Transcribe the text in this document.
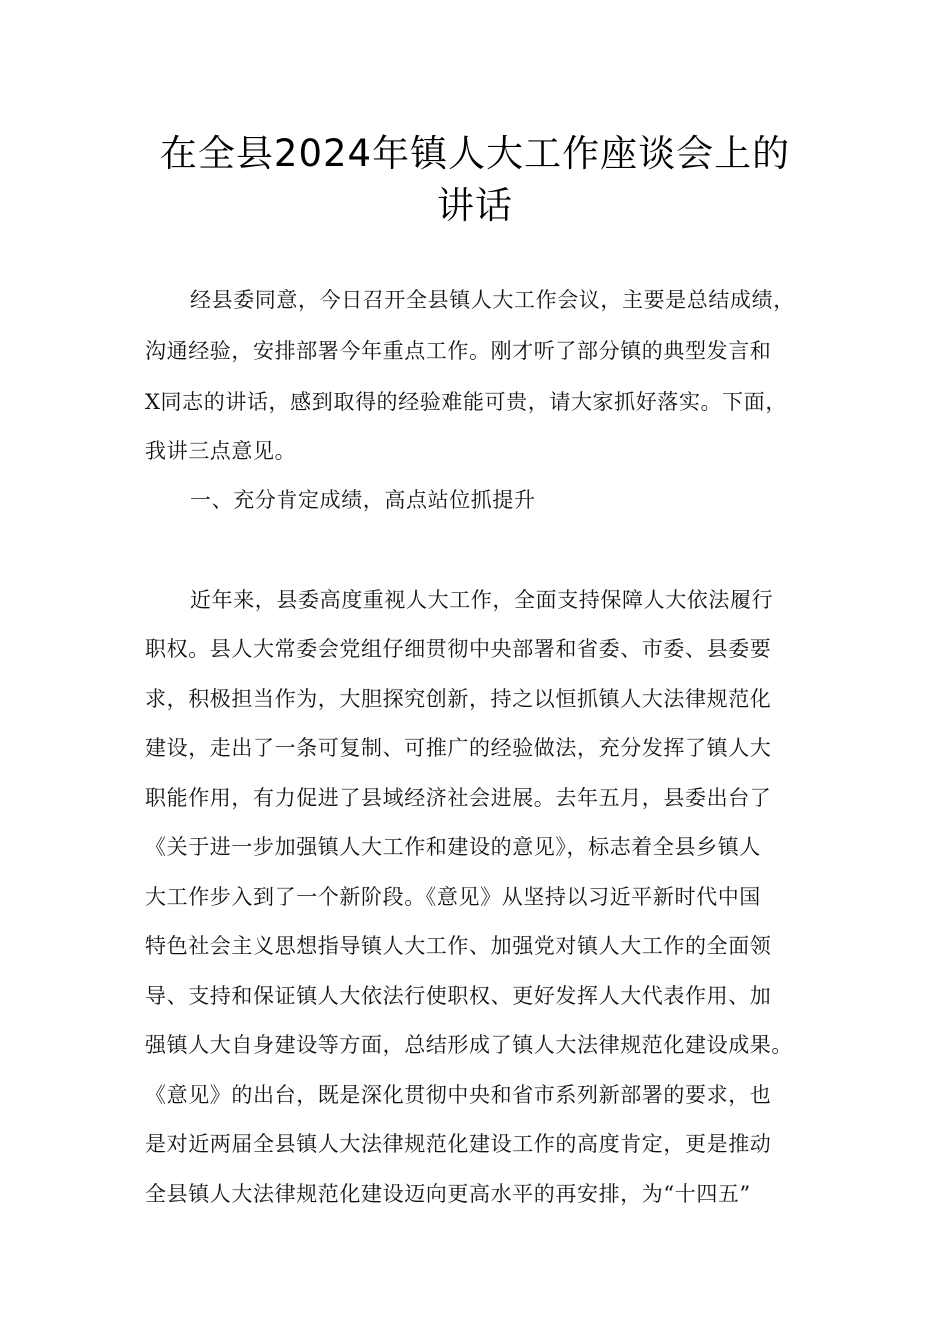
在全县2024年镇人大工作座谈会上的
讲话
经县委同意，今日召开全县镇人大工作会议，主要是总结成绩，
沟通经验，安排部署今年重点工作。刚才听了部分镇的典型发言和
X同志的讲话，感到取得的经验难能可贵，请大家抓好落实。下面，
我讲三点意见。
一、充分肯定成绩，高点站位抓提升
近年来，县委高度重视人大工作，全面支持保障人大依法履行
职权。县人大常委会党组仔细贯彻中央部署和省委、市委、县委要
求，积极担当作为，大胆探究创新，持之以恒抓镇人大法律规范化
建设，走出了一条可复制、可推广的经验做法，充分发挥了镇人大
职能作用，有力促进了县域经济社会进展。去年五月，县委出台了
《关于进一步加强镇人大工作和建设的意见》，标志着全县乡镇人
大工作步入到了一个新阶段。《意见》从坚持以习近平新时代中国
特色社会主义思想指导镇人大工作、加强党对镇人大工作的全面领
导、支持和保证镇人大依法行使职权、更好发挥人大代表作用、加
强镇人大自身建设等方面，总结形成了镇人大法律规范化建设成果。
《意见》的出台，既是深化贯彻中央和省市系列新部署的要求，也
是对近两届全县镇人大法律规范化建设工作的高度肯定，更是推动
全县镇人大法律规范化建设迈向更高水平的再安排，为“十四五”
